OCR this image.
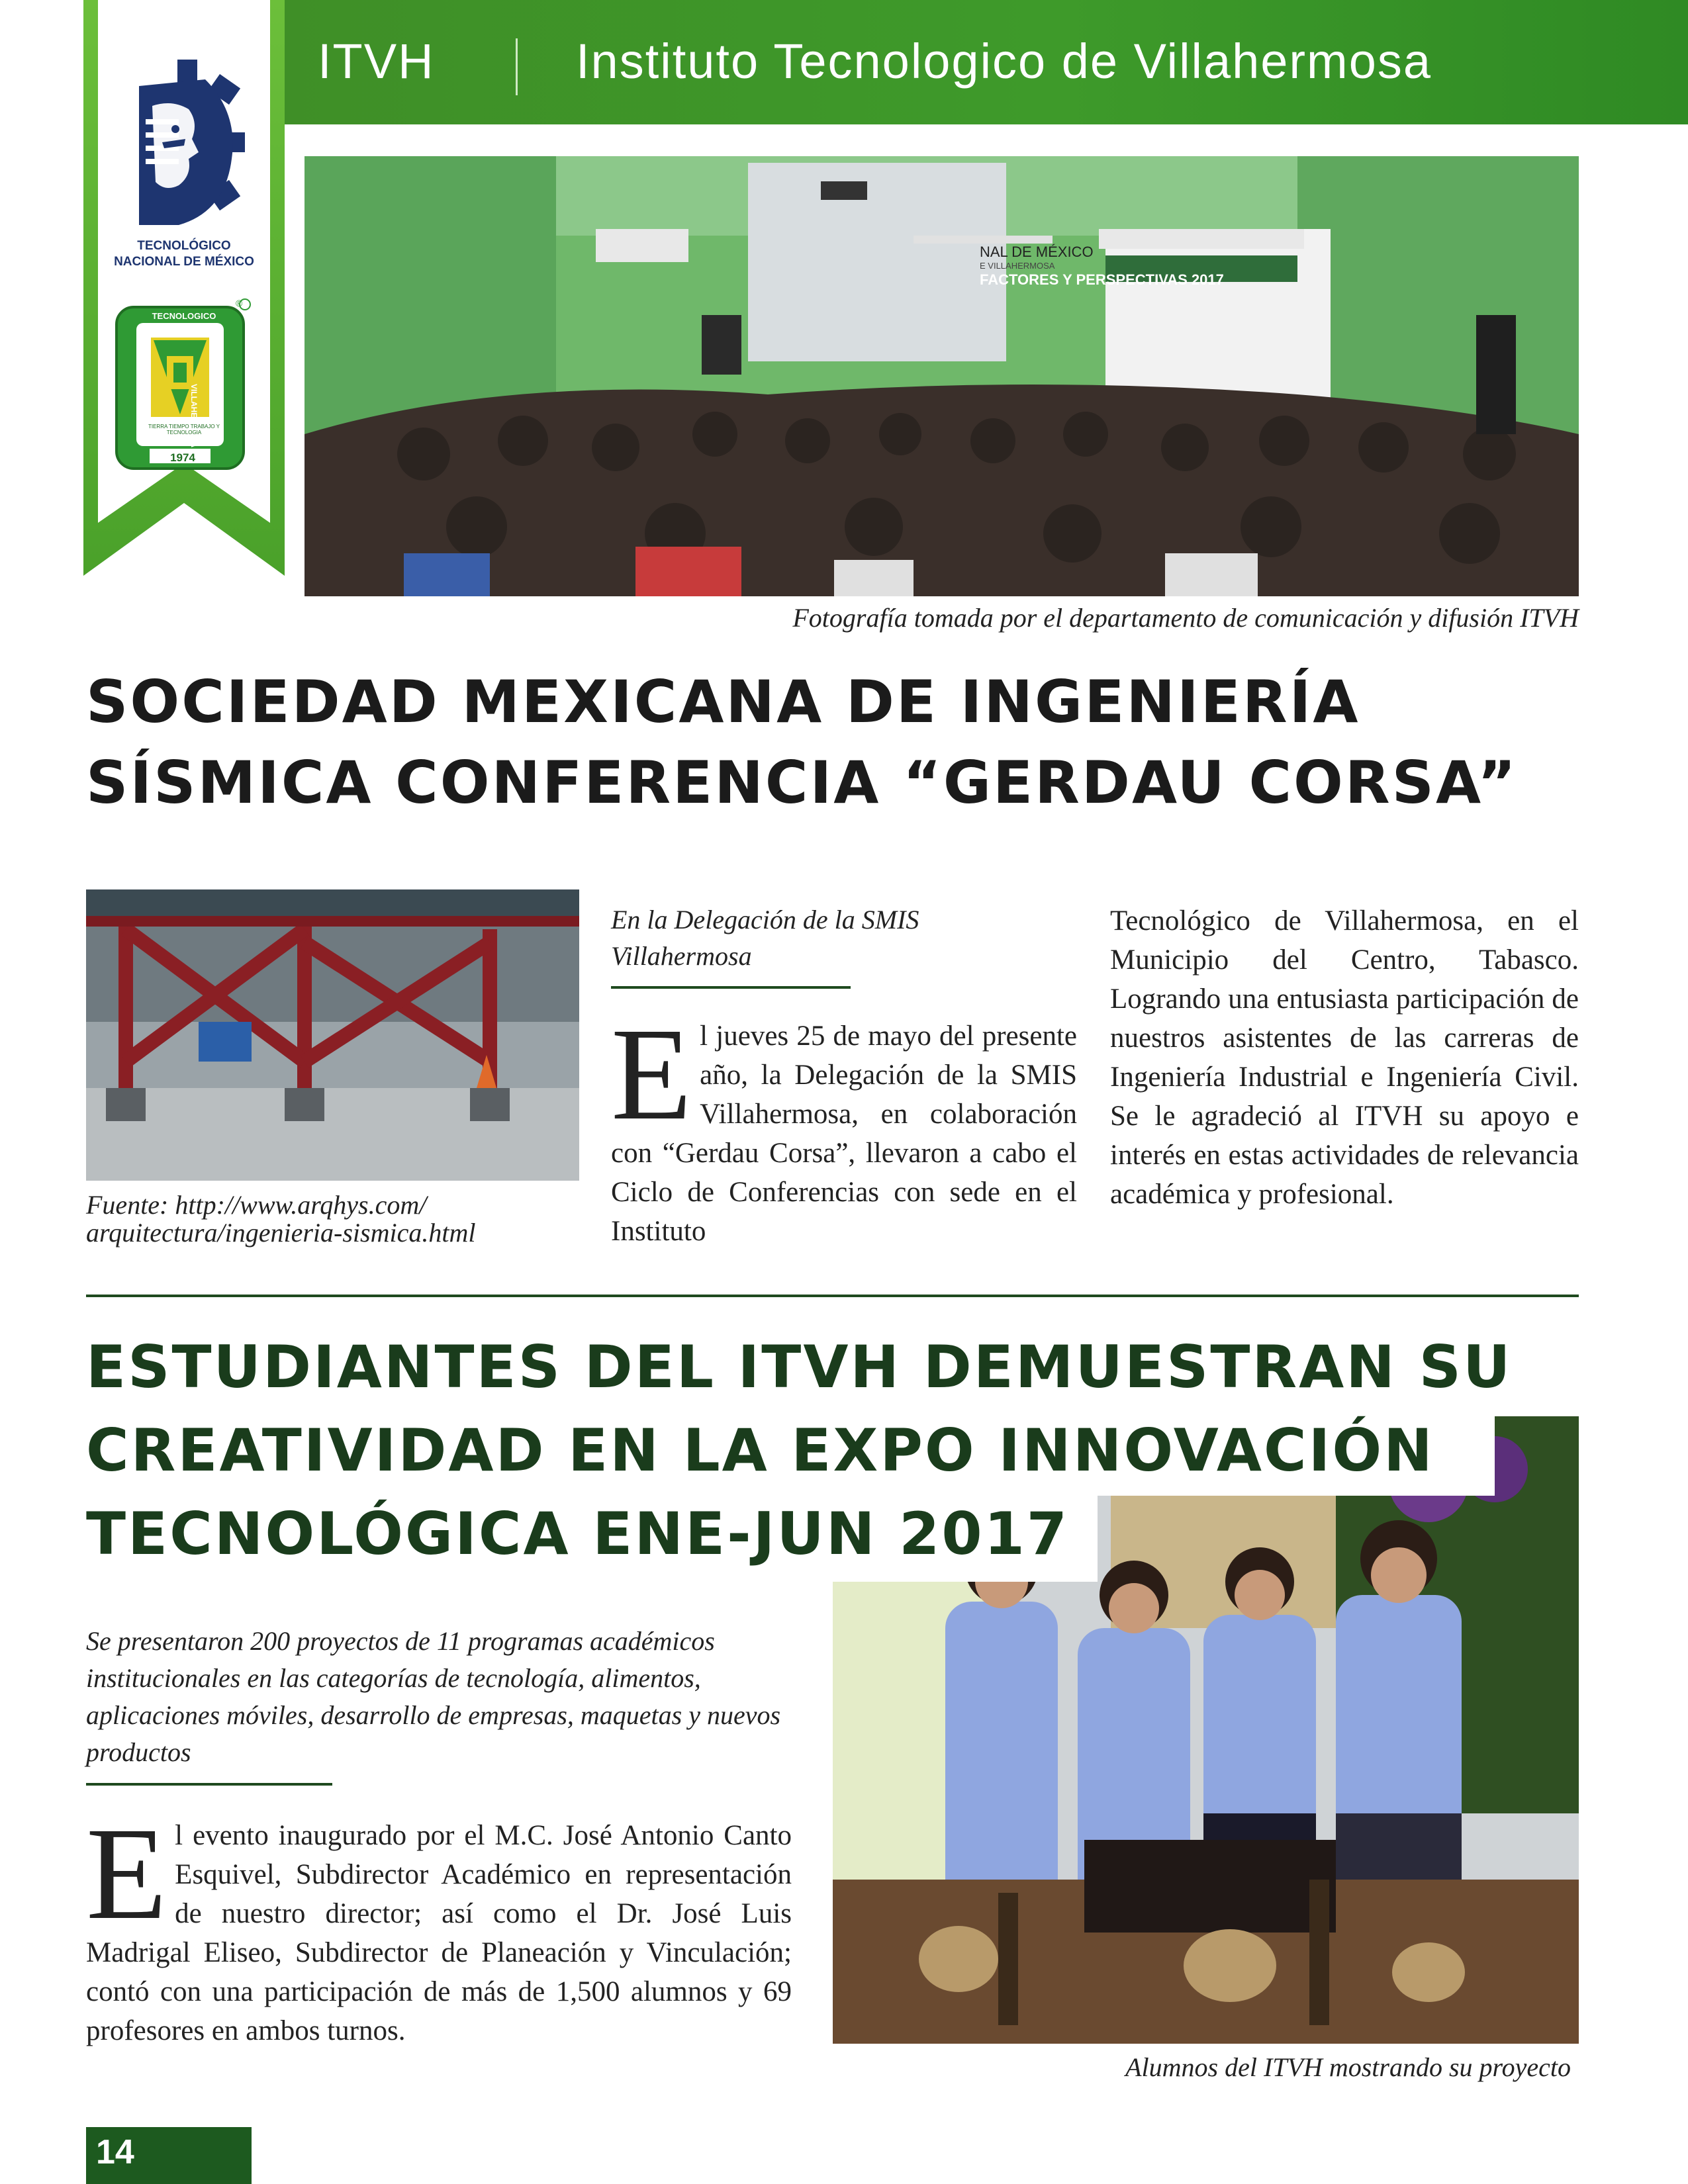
ITVH	Instituto Tecnologico de Villahermosa
TECNOLÓGICO
NACIONAL DE MÉXICO
TECNOLOGICO
INSTITUTO
VILLAHERMOSA
TIERRA TIEMPO TRABAJO Y TECNOLOGIA
1974
®
NAL DE MÉXICO
E VILLAHERMOSA
FACTORES Y PERSPECTIVAS 2017
Fotografía tomada por el departamento de comunicación y difusión ITVH
SOCIEDAD MEXICANA DE INGENIERÍA
SÍSMICA CONFERENCIA “GERDAU CORSA”
Fuente: http://www.arqhys.com/
arquitectura/ingenieria-sismica.html
En la Delegación de la SMIS
Villahermosa
El jueves 25 de mayo del presente año, la Delegación de la SMIS Villahermosa, en colaboración con “Gerdau Corsa”, llevaron a cabo el Ciclo de Conferencias con sede en el Instituto
Tecnológico de Villahermosa, en el Municipio del Centro, Tabasco. Logrando una entusiasta participación de nuestros asistentes de las carreras de Ingeniería Industrial e Ingeniería Civil. Se le agradeció al ITVH su apoyo e interés en estas actividades de relevancia académica y profesional.
ESTUDIANTES DEL ITVH DEMUESTRAN SU
CREATIVIDAD EN LA EXPO INNOVACIÓN
TECNOLÓGICA ENE-JUN 2017
Se presentaron 200 proyectos de 11 programas académicos institucionales en las categorías de tecnología, alimentos, aplicaciones móviles, desarrollo de empresas, maquetas y nuevos productos
El evento inaugurado por el M.C. José Antonio Canto Esquivel, Subdirector Académico en representación de nuestro director; así como el Dr. José Luis Madrigal Eliseo, Subdirector de Planeación y Vinculación; contó con una participación de más de 1,500 alumnos y 69 profesores en ambos turnos.
Alumnos del ITVH mostrando su proyecto
14
